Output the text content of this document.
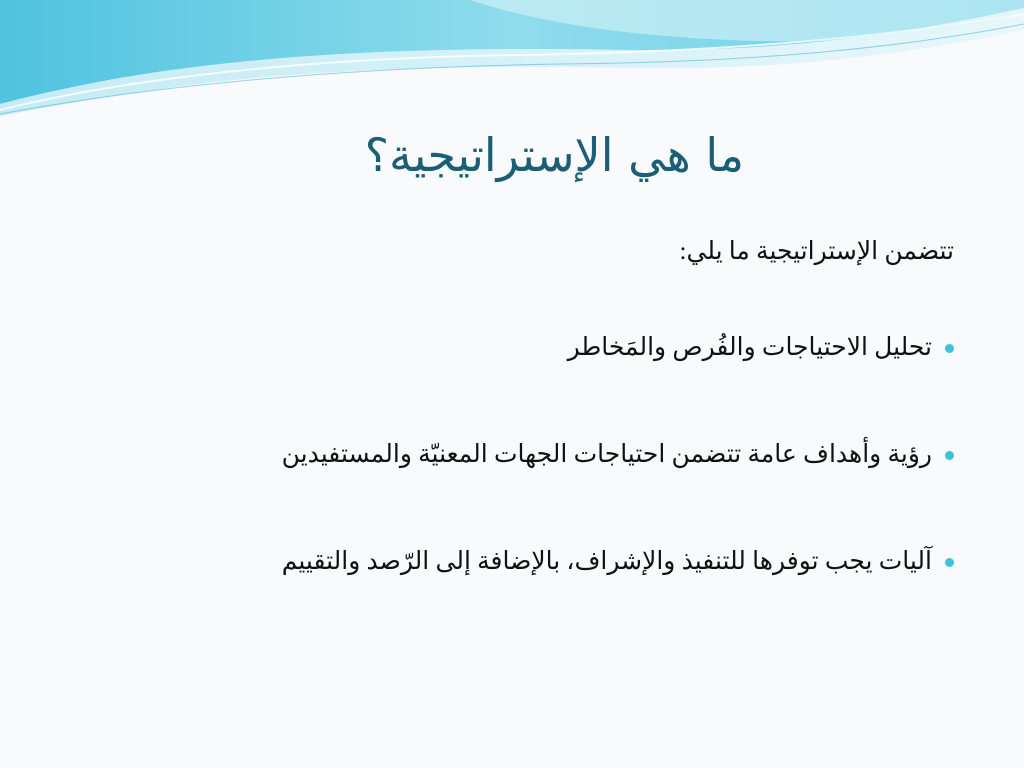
ما هي الإستراتيجية؟

تتضمن الإستراتيجية ما يلي:

تحليل الاحتياجات والفُرص والمَخاطر
رؤية وأهداف عامة تتضمن احتياجات الجهات المعنيّة والمستفيدين
آليات يجب توفرها للتنفيذ والإشراف، بالإضافة إلى الرّصد والتقييم
